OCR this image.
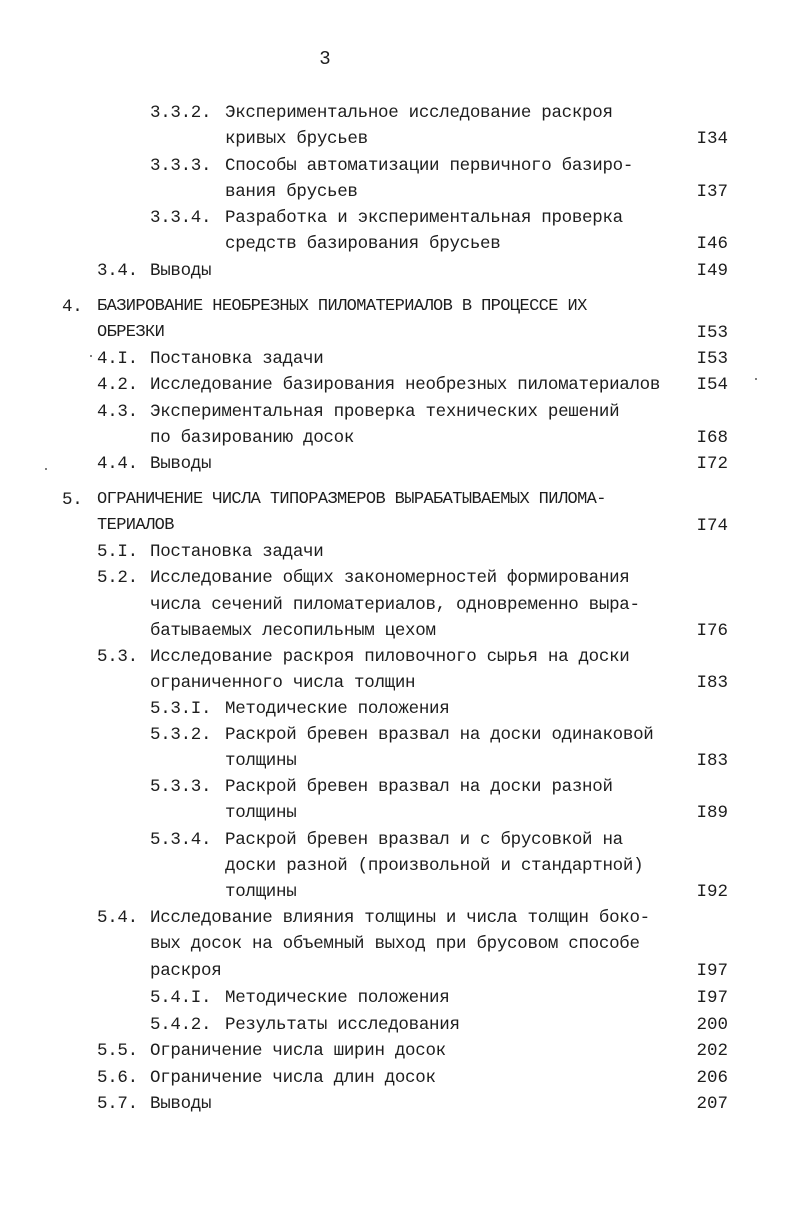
3
3.3.2. Экспериментальное исследование раскроя
кривых брусьев	I34
3.3.3. Способы автоматизации первичного базиро-
вания брусьев	I37
3.3.4. Разработка и экспериментальная проверка
средств базирования брусьев	I46
3.4. Выводы	I49
4. БАЗИРОВАНИЕ НЕОБРЕЗНЫХ ПИЛОМАТЕРИАЛОВ В ПРОЦЕССЕ ИХ
ОБРЕЗКИ	I53
4.I. Постановка задачи	I53
4.2. Исследование базирования необрезных пиломатериалов I54
4.3. Экспериментальная проверка технических решений
по базированию досок	I68
4.4. Выводы	I72
5. ОГРАНИЧЕНИЕ ЧИСЛА ТИПОРАЗМЕРОВ ВЫРАБАТЫВАЕМЫХ ПИЛОМА-
ТЕРИАЛОВ	I74
5.I. Постановка задачи
5.2. Исследование общих закономерностей формирования
числа сечений пиломатериалов, одновременно выра-
батываемых лесопильным цехом	I76
5.3. Исследование раскроя пиловочного сырья на доски
ограниченного числа толщин	I83
5.3.I. Методические положения
5.3.2. Раскрой бревен вразвал на доски одинаковой
толщины	I83
5.3.3. Раскрой бревен вразвал на доски разной
толщины	I89
5.3.4. Раскрой бревен вразвал и с брусовкой на
доски разной (произвольной и стандартной)
толщины	I92
5.4. Исследование влияния толщины и числа толщин боко-
вых досок на объемный выход при брусовом способе
раскроя	I97
5.4.I. Методические положения	I97
5.4.2. Результаты исследования	200
5.5. Ограничение числа ширин досок	202
5.6. Ограничение числа длин досок	206
5.7. Выводы	207
